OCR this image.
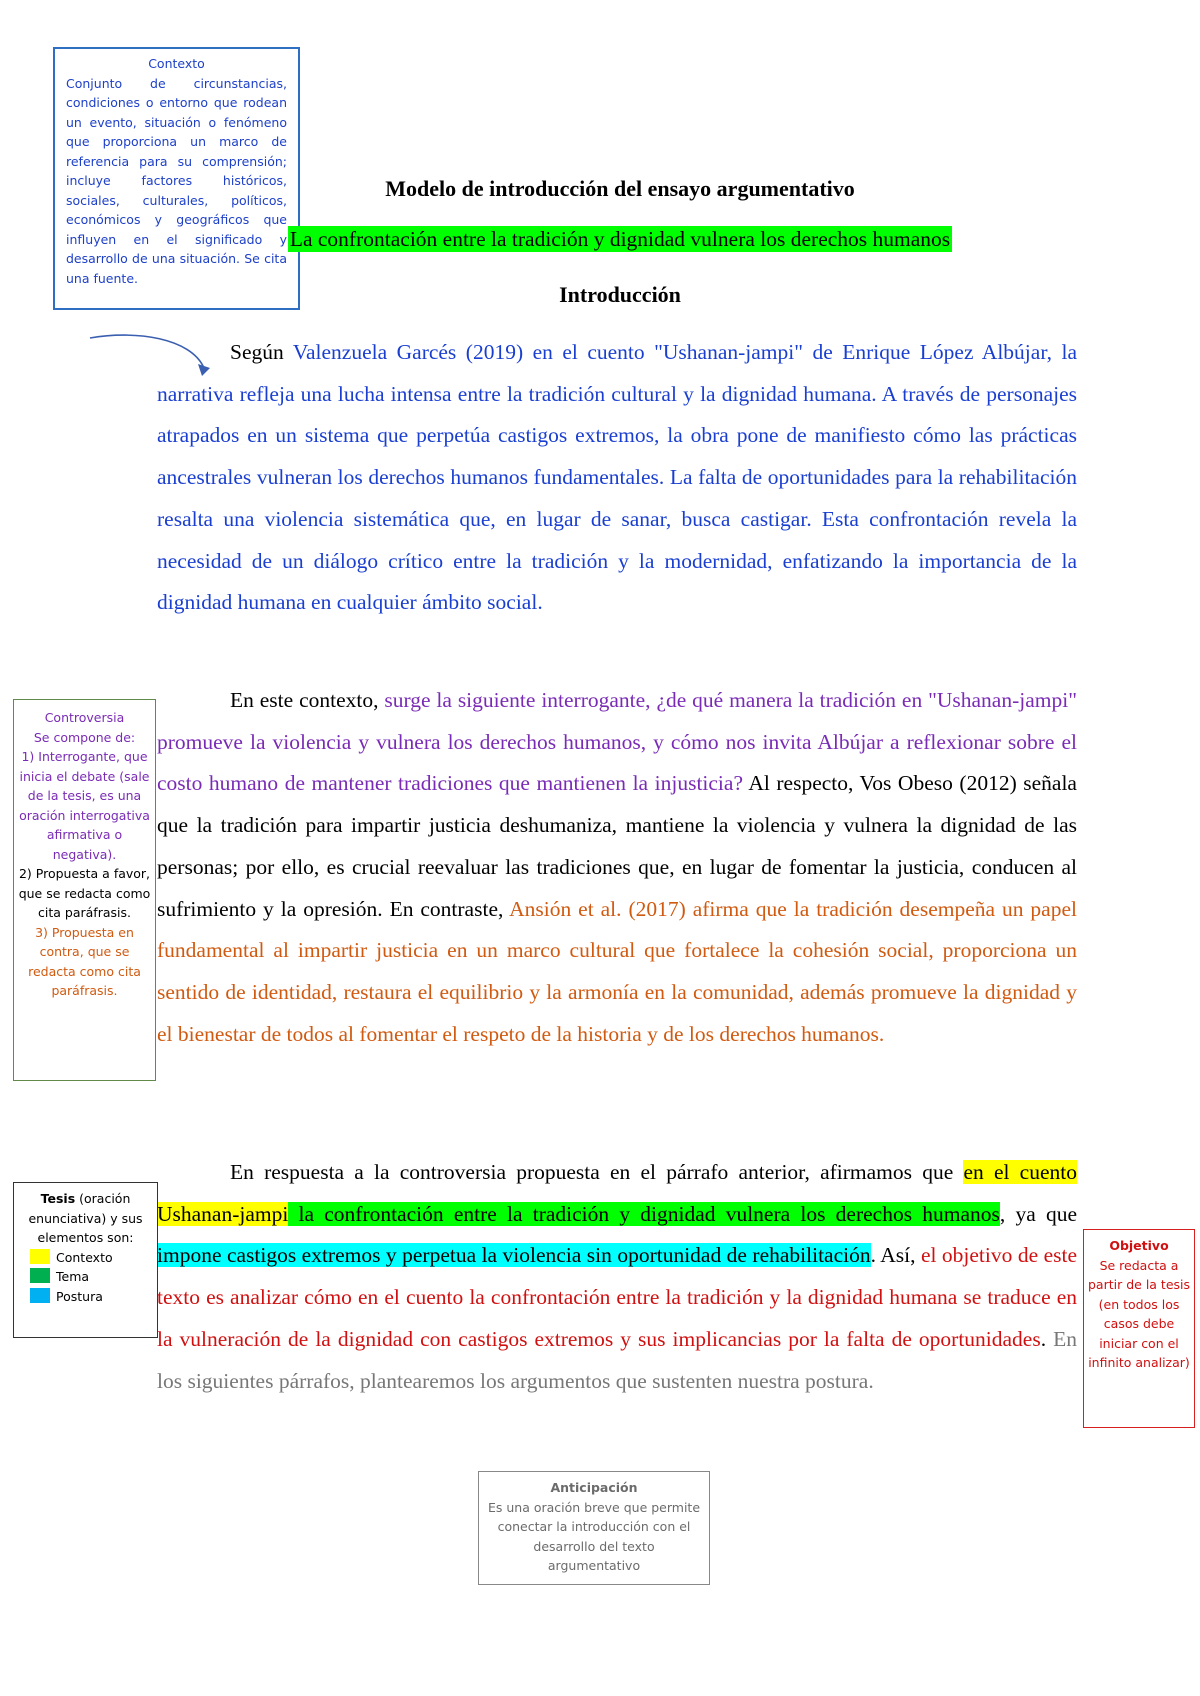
Contexto
Conjunto de circunstancias, condiciones o entorno que rodean un evento, situación o fenómeno que proporciona un marco de referencia para su comprensión; incluye factores históricos, sociales, culturales, políticos, económicos y geográficos que influyen en el significado y desarrollo de una situación. Se cita una fuente.
Modelo de introducción del ensayo argumentativo
La confrontación entre la tradición y dignidad vulnera los derechos humanos
Introducción

Según Valenzuela Garcés (2019) en el cuento "Ushanan-jampi" de Enrique López Albújar, la narrativa refleja una lucha intensa entre la tradición cultural y la dignidad humana. A través de personajes atrapados en un sistema que perpetúa castigos extremos, la obra pone de manifiesto cómo las prácticas ancestrales vulneran los derechos humanos fundamentales. La falta de oportunidades para la rehabilitación resalta una violencia sistemática que, en lugar de sanar, busca castigar. Esta confrontación revela la necesidad de un diálogo crítico entre la tradición y la modernidad, enfatizando la importancia de la dignidad humana en cualquier ámbito social.

En este contexto, surge la siguiente interrogante, ¿de qué manera la tradición en "Ushanan-jampi" promueve la violencia y vulnera los derechos humanos, y cómo nos invita Albújar a reflexionar sobre el costo humano de mantener tradiciones que mantienen la injusticia? Al respecto, Vos Obeso (2012) señala que la tradición para impartir justicia deshumaniza, mantiene la violencia y vulnera la dignidad de las personas; por ello, es crucial reevaluar las tradiciones que, en lugar de fomentar la justicia, conducen al sufrimiento y la opresión. En contraste, Ansión et al. (2017) afirma que la tradición desempeña un papel fundamental al impartir justicia en un marco cultural que fortalece la cohesión social, proporciona un sentido de identidad, restaura el equilibrio y la armonía en la comunidad, además promueve la dignidad y el bienestar de todos al fomentar el respeto de la historia y de los derechos humanos.

En respuesta a la controversia propuesta en el párrafo anterior, afirmamos que en el cuento Ushanan-jampi la confrontación entre la tradición y dignidad vulnera los derechos humanos, ya que impone castigos extremos y perpetua la violencia sin oportunidad de rehabilitación. Así, el objetivo de este texto es analizar cómo en el cuento la confrontación entre la tradición y la dignidad humana se traduce en la vulneración de la dignidad con castigos extremos y sus implicancias por la falta de oportunidades. En los siguientes párrafos, plantearemos los argumentos que sustenten nuestra postura.

Controversia
Se compone de:
1) Interrogante, que inicia el debate (sale de la tesis, es una oración interrogativa afirmativa o negativa).
2) Propuesta a favor, que se redacta como cita paráfrasis.
3) Propuesta en contra, que se redacta como cita paráfrasis.
Tesis (oración enunciativa) y sus elementos son:
Contexto
Tema
Postura
Objetivo
Se redacta a partir de la tesis (en todos los casos debe iniciar con el infinito analizar)
Anticipación
Es una oración breve que permite conectar la introducción con el desarrollo del texto argumentativo
